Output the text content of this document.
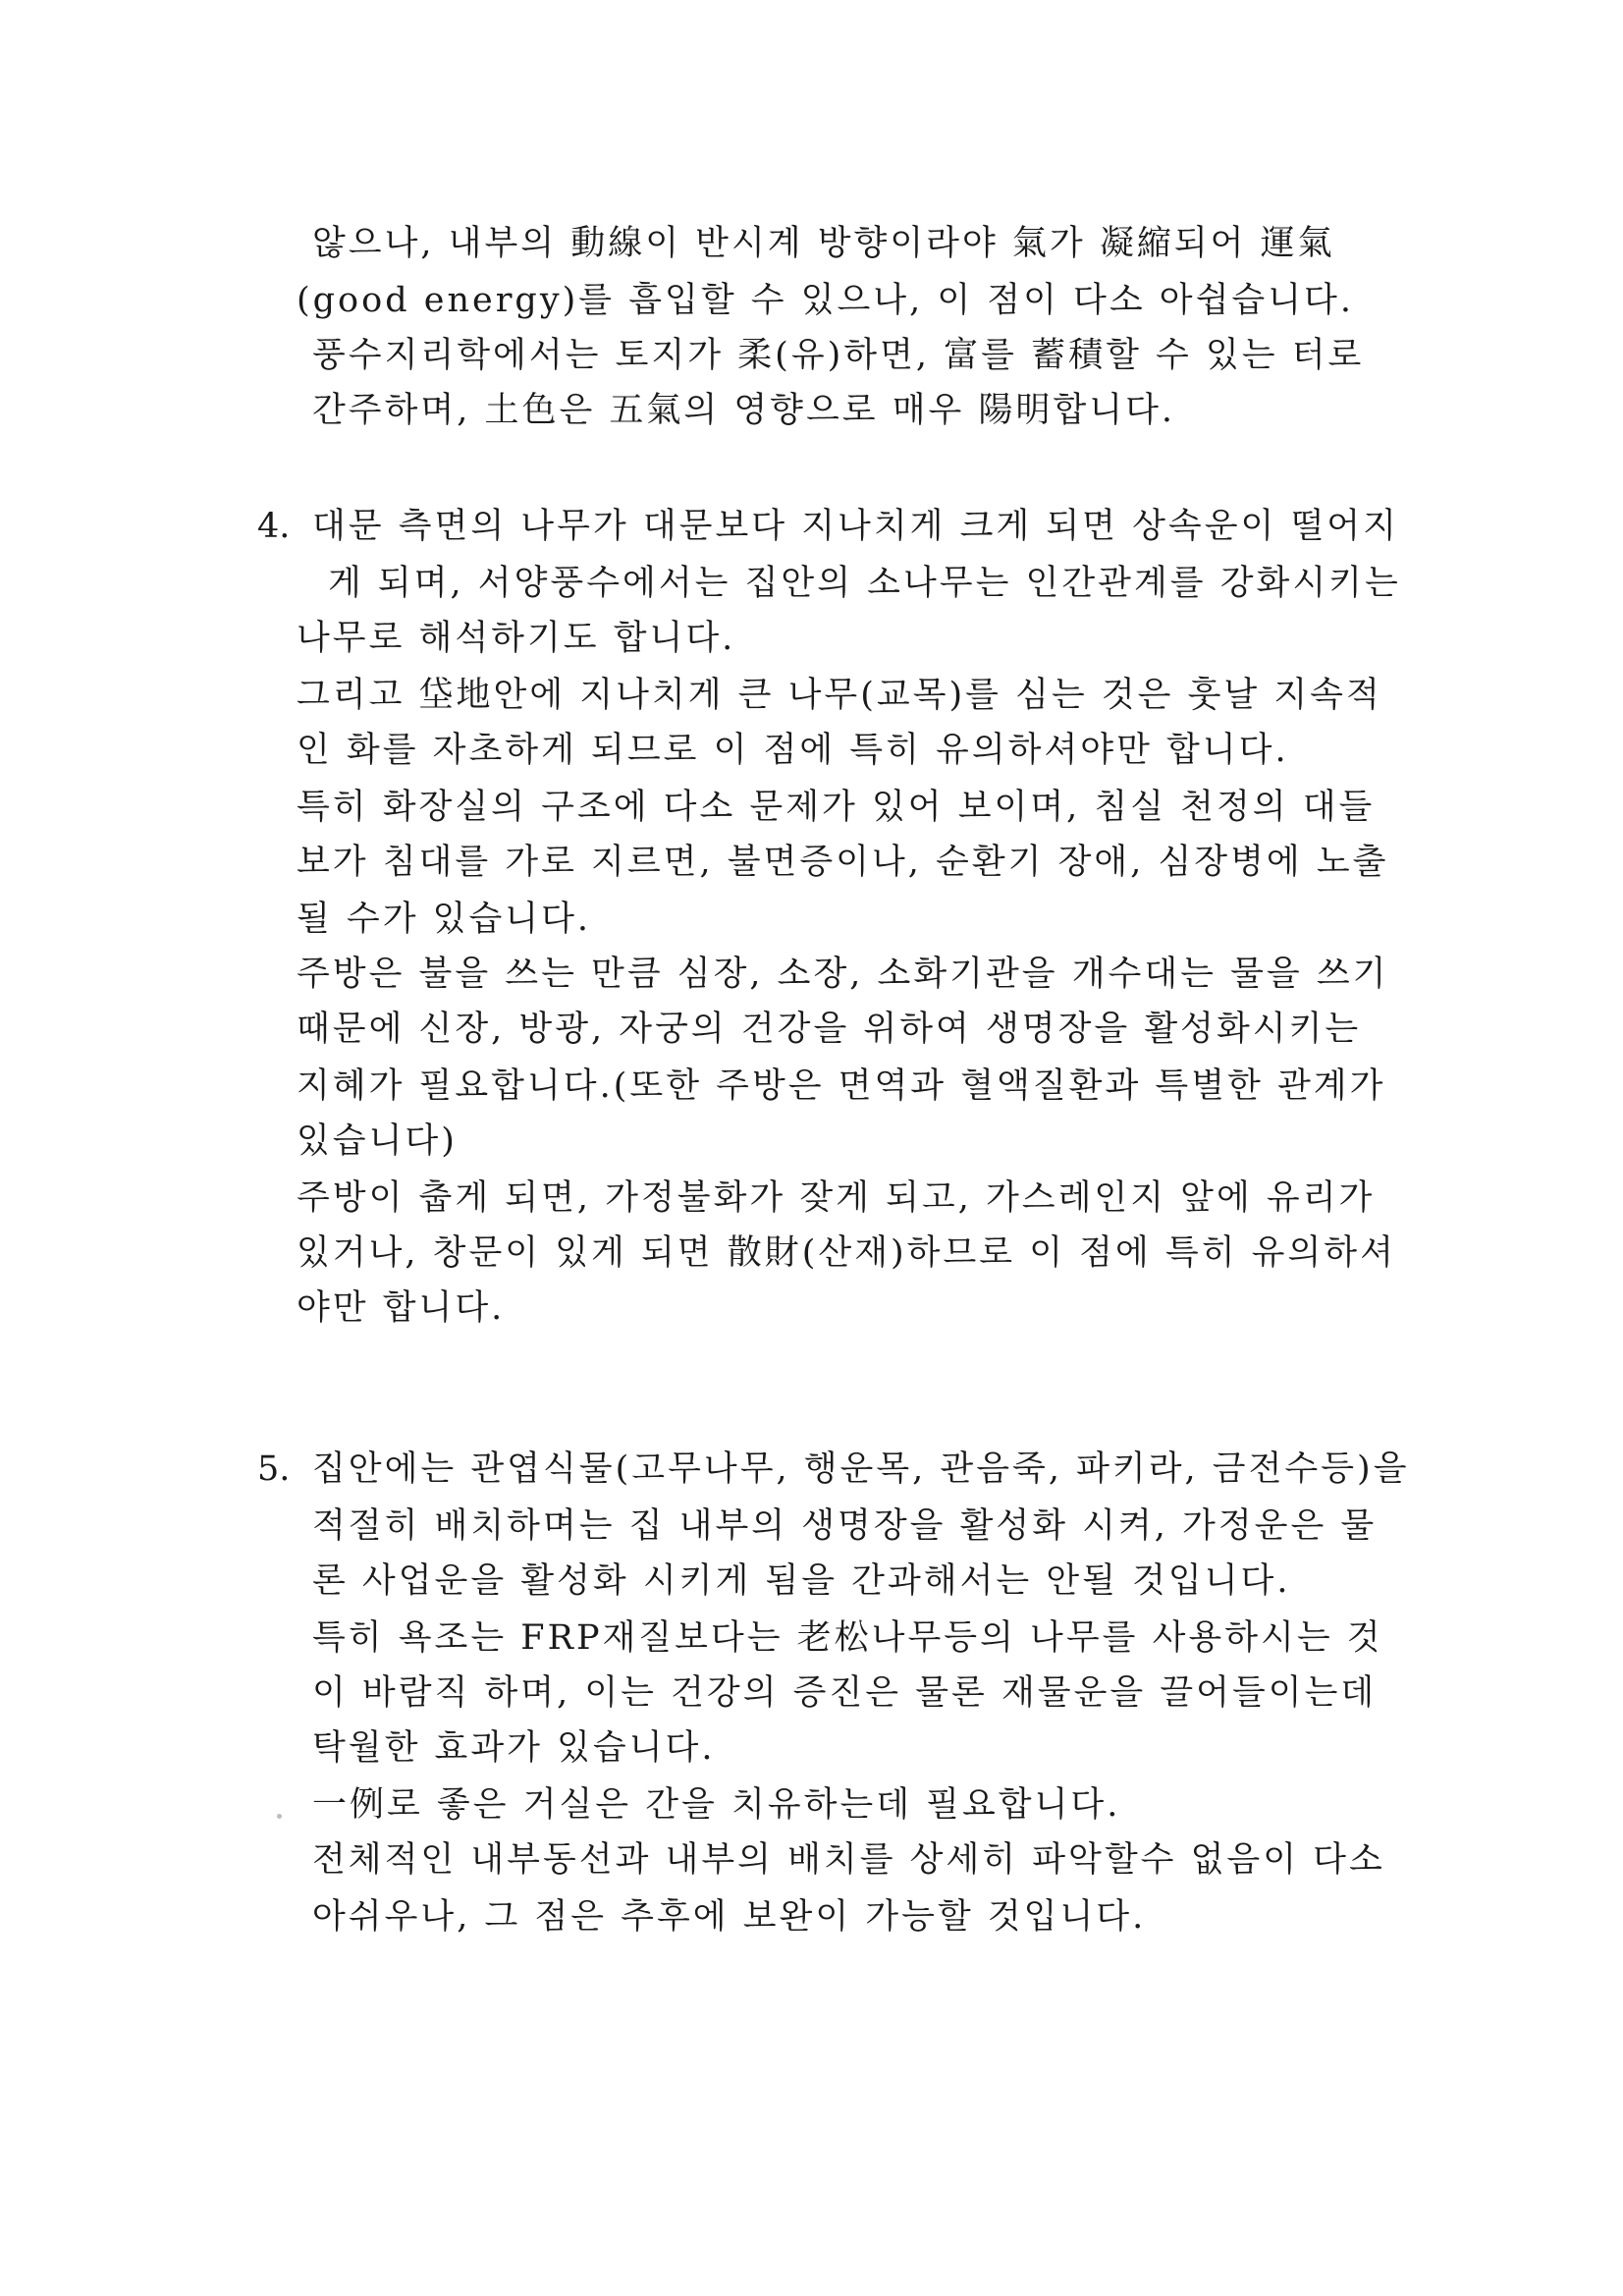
않으나, 내부의 動線이 반시계 방향이라야 氣가 凝縮되어 運氣
(good energy)를 흡입할 수 있으나, 이 점이 다소 아쉽습니다.
풍수지리학에서는 토지가 柔(유)하면, 富를 蓄積할 수 있는 터로
간주하며, 土色은 五氣의 영향으로 매우 陽明합니다.
4. 대문 측면의 나무가 대문보다 지나치게 크게 되면 상속운이 떨어지
게 되며, 서양풍수에서는 집안의 소나무는 인간관계를 강화시키는
나무로 해석하기도 합니다.
그리고 垈地안에 지나치게 큰 나무(교목)를 심는 것은 훗날 지속적
인 화를 자초하게 되므로 이 점에 특히 유의하셔야만 합니다.
특히 화장실의 구조에 다소 문제가 있어 보이며, 침실 천정의 대들
보가 침대를 가로 지르면, 불면증이나, 순환기 장애, 심장병에 노출
될 수가 있습니다.
주방은 불을 쓰는 만큼 심장, 소장, 소화기관을 개수대는 물을 쓰기
때문에 신장, 방광, 자궁의 건강을 위하여 생명장을 활성화시키는
지혜가 필요합니다.(또한 주방은 면역과 혈액질환과 특별한 관계가
있습니다)
주방이 춥게 되면, 가정불화가 잦게 되고, 가스레인지 앞에 유리가
있거나, 창문이 있게 되면 散財(산재)하므로 이 점에 특히 유의하셔
야만 합니다.
5. 집안에는 관엽식물(고무나무, 행운목, 관음죽, 파키라, 금전수등)을
적절히 배치하며는 집 내부의 생명장을 활성화 시켜, 가정운은 물
론 사업운을 활성화 시키게 됨을 간과해서는 안될 것입니다.
특히 욕조는 FRP재질보다는 老松나무등의 나무를 사용하시는 것
이 바람직 하며, 이는 건강의 증진은 물론 재물운을 끌어들이는데
탁월한 효과가 있습니다.
一例로 좋은 거실은 간을 치유하는데 필요합니다.
전체적인 내부동선과 내부의 배치를 상세히 파악할수 없음이 다소
아쉬우나, 그 점은 추후에 보완이 가능할 것입니다.
